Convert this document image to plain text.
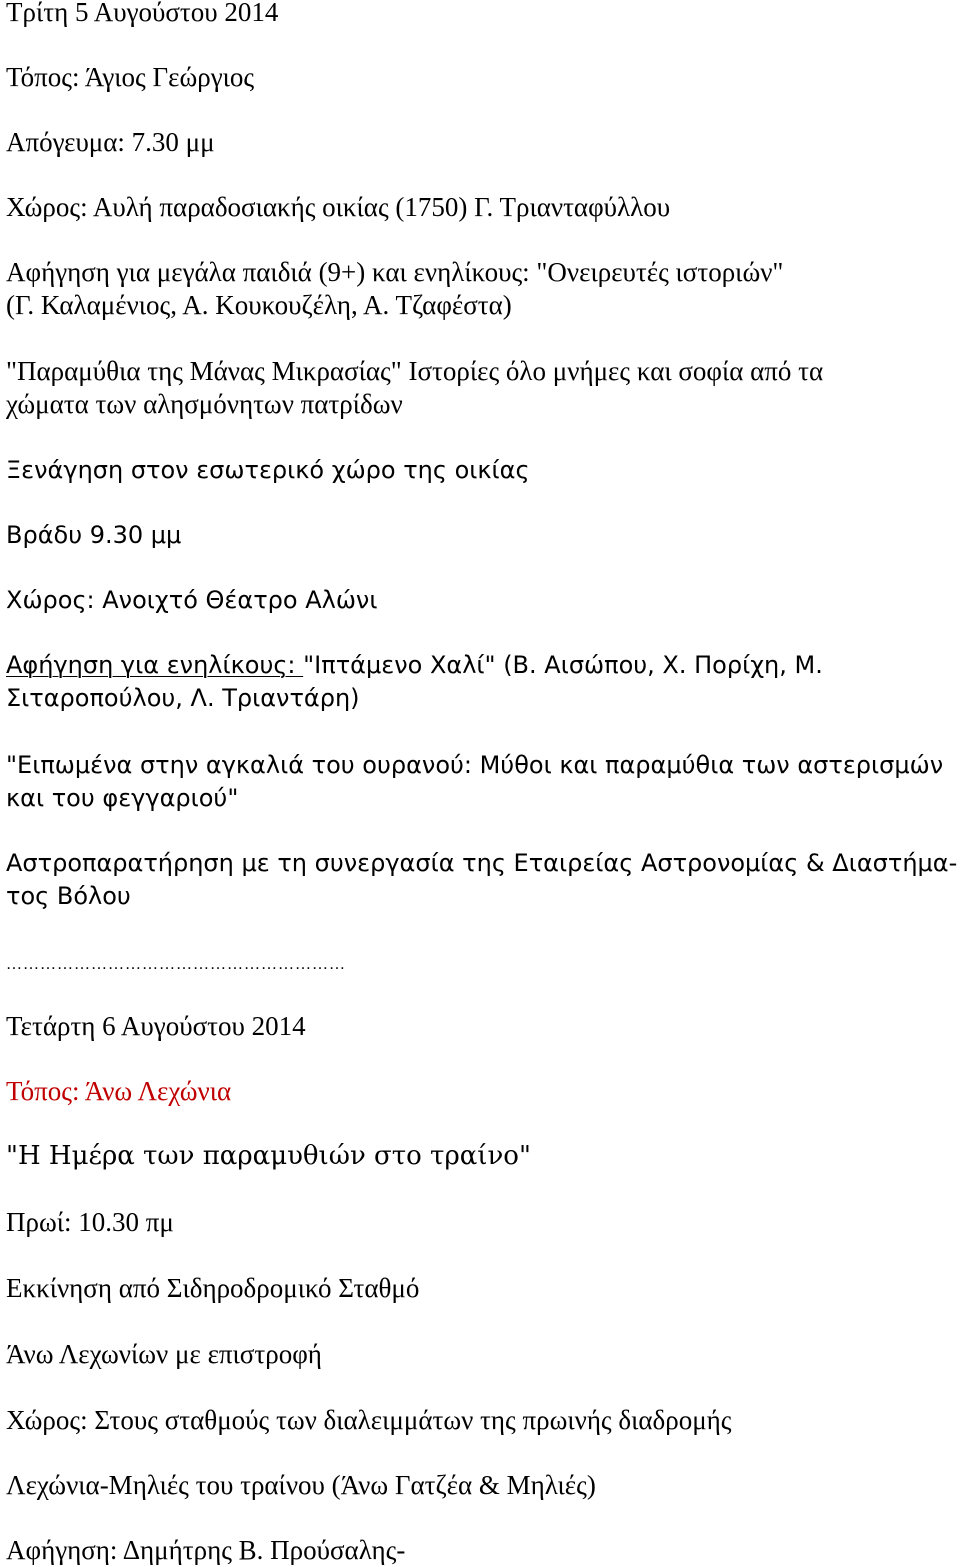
Τρίτη 5 Αυγούστου 2014

Τόπος: Άγιος Γεώργιος

Απόγευμα: 7.30 μμ

Χώρος: Αυλή παραδοσιακής οικίας (1750) Γ. Τριανταφύλλου

Αφήγηση για μεγάλα παιδιά (9+) και ενηλίκους: "Ονειρευτές ιστοριών"

(Γ. Καλαμένιος, Α. Κουκουζέλη, Α. Τζαφέστα)

"Παραμύθια της Μάνας Μικρασίας" Ιστορίες όλο μνήμες και σοφία από τα

χώματα των αλησμόνητων πατρίδων

Ξενάγηση στον εσωτερικό χώρο της οικίας

Βράδυ 9.30 μμ

Χώρος: Ανοιχτό Θέατρο Αλώνι

Αφήγηση για ενηλίκους: "Ιπτάμενο Χαλί" (Β. Αισώπου, Χ. Πορίχη, Μ.

Σιταροπούλου, Λ. Τριαντάρη)

"Ειπωμένα στην αγκαλιά του ουρανού: Μύθοι και παραμύθια των αστερισμών

και του φεγγαριού"

Αστροπαρατήρηση με τη συνεργασία της Εταιρείας Αστρονομίας & Διαστήμα-

τος Βόλου

……………………………………………………

Τετάρτη 6 Αυγούστου 2014

Τόπος: Άνω Λεχώνια

"Η Ημέρα των παραμυθιών στο τραίνο"

Πρωί: 10.30 πμ

Εκκίνηση από Σιδηροδρομικό Σταθμό

Άνω Λεχωνίων με επιστροφή

Χώρος: Στους σταθμούς των διαλειμμάτων της πρωινής διαδρομής

Λεχώνια-Μηλιές του τραίνου (Άνω Γατζέα & Μηλιές)

Αφήγηση: Δημήτρης Β. Προύσαλης-
